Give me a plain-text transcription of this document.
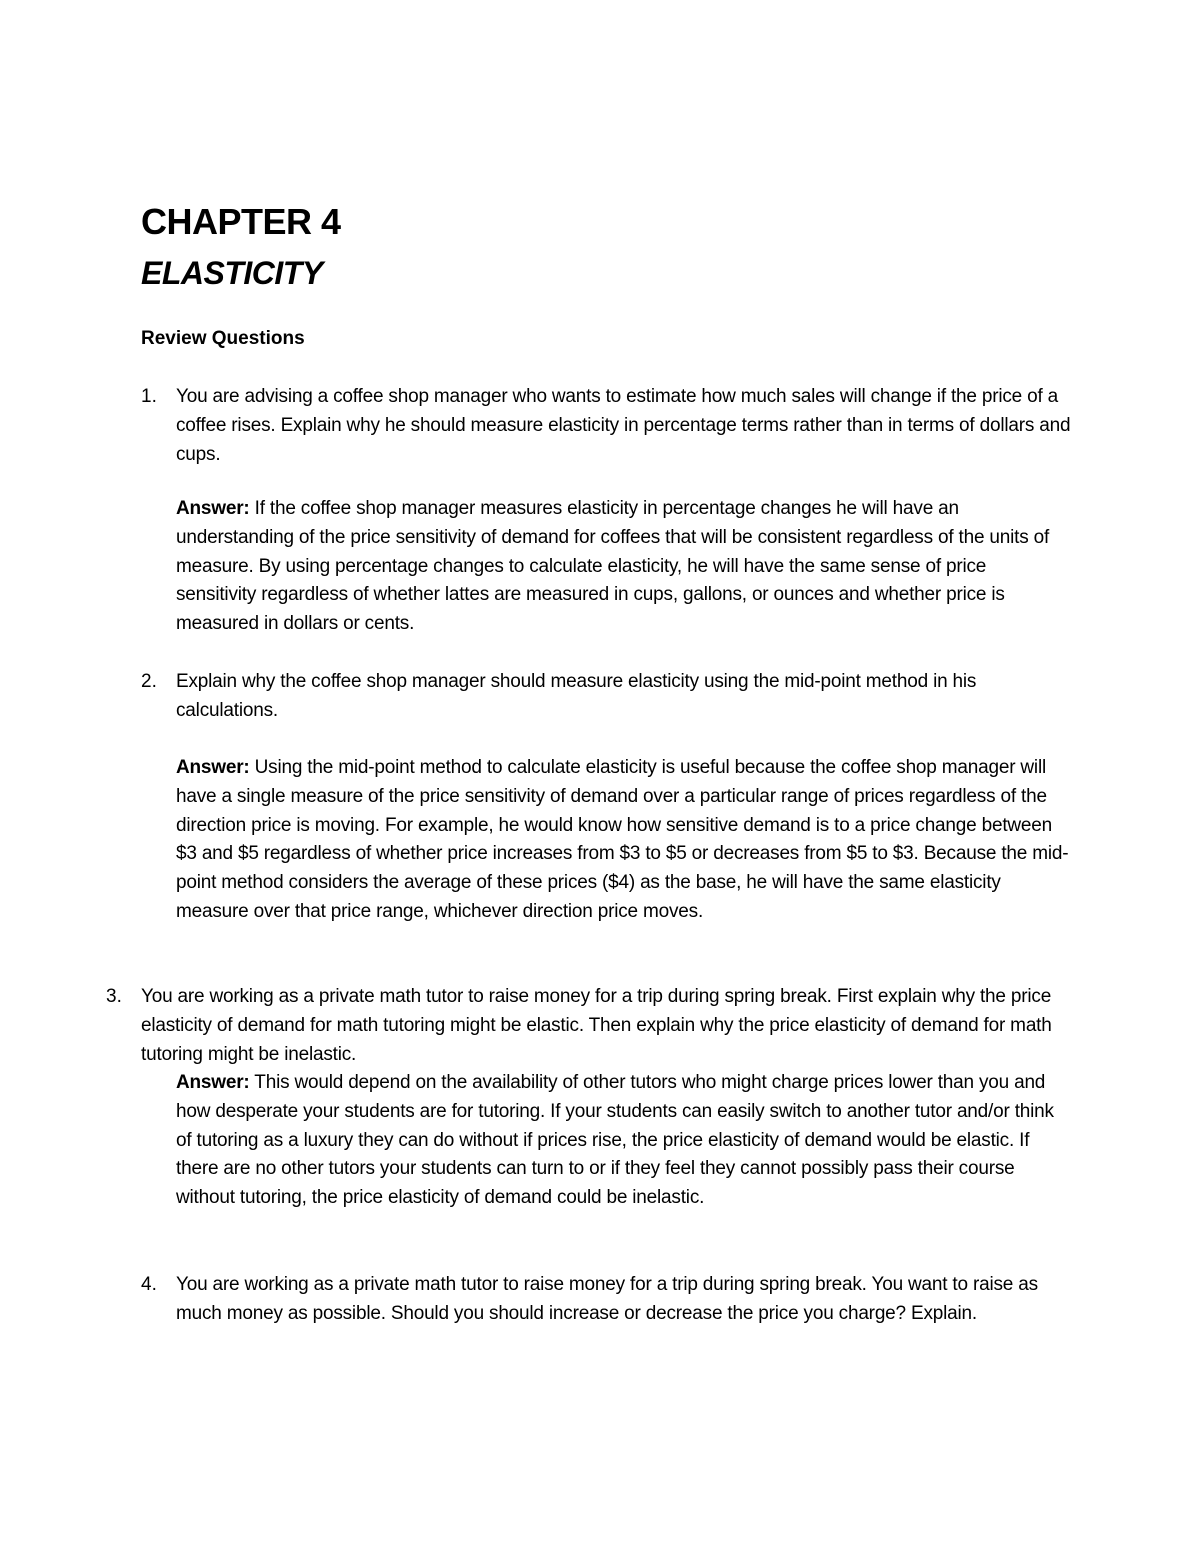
CHAPTER 4
ELASTICITY
Review Questions
1. You are advising a coffee shop manager who wants to estimate how much sales will change if the price of a coffee rises. Explain why he should measure elasticity in percentage terms rather than in terms of dollars and cups.

Answer: If the coffee shop manager measures elasticity in percentage changes he will have an understanding of the price sensitivity of demand for coffees that will be consistent regardless of the units of measure. By using percentage changes to calculate elasticity, he will have the same sense of price sensitivity regardless of whether lattes are measured in cups, gallons, or ounces and whether price is measured in dollars or cents.

2. Explain why the coffee shop manager should measure elasticity using the mid-point method in his calculations.

Answer: Using the mid-point method to calculate elasticity is useful because the coffee shop manager will have a single measure of the price sensitivity of demand over a particular range of prices regardless of the direction price is moving. For example, he would know how sensitive demand is to a price change between $3 and $5 regardless of whether price increases from $3 to $5 or decreases from $5 to $3. Because the mid-point method considers the average of these prices ($4) as the base, he will have the same elasticity measure over that price range, whichever direction price moves.

3. You are working as a private math tutor to raise money for a trip during spring break. First explain why the price elasticity of demand for math tutoring might be elastic. Then explain why the price elasticity of demand for math tutoring might be inelastic.

Answer: This would depend on the availability of other tutors who might charge prices lower than you and how desperate your students are for tutoring. If your students can easily switch to another tutor and/or think of tutoring as a luxury they can do without if prices rise, the price elasticity of demand would be elastic. If there are no other tutors your students can turn to or if they feel they cannot possibly pass their course without tutoring, the price elasticity of demand could be inelastic.

4. You are working as a private math tutor to raise money for a trip during spring break. You want to raise as much money as possible. Should you should increase or decrease the price you charge? Explain.
